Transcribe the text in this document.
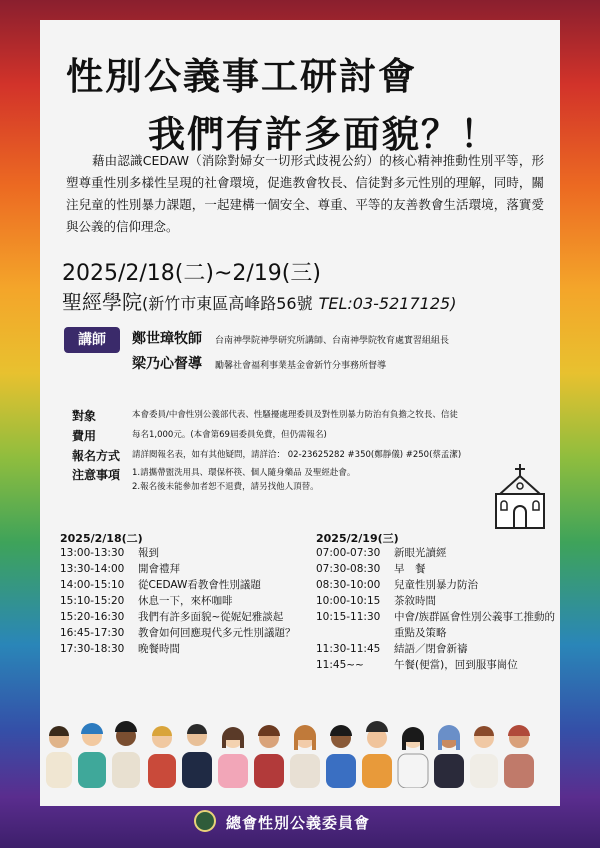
性別公義事工研討會
我們有許多面貌？！
藉由認識CEDAW（消除對婦女一切形式歧視公約）的核心精神推動性別平等，形塑尊重性別多樣性呈現的社會環境，促進教會牧長、信徒對多元性別的理解，同時，關注兒童的性別暴力課題，一起建構一個安全、尊重、平等的友善教會生活環境，落實愛與公義的信仰理念。
2025/2/18(二)~2/19(三)
聖經學院(新竹市東區高峰路56號 TEL:03-5217125)
講師	鄭世璋牧師 台南神學院神學研究所講師、台南神學院牧育處實習組組長
梁乃心督導 勵馨社會福利事業基金會新竹分事務所督導
對象	本會委員/中會性別公義部代表、性騷擾處理委員及對性別暴力防治有負擔之牧長、信徒
費用	每名1,000元。(本會第69屆委員免費，但仍需報名)
報名方式 請詳閱報名表，如有其他疑問，請詳洽： 02-23625282 #350(鄭靜儀) #250(蔡孟潔)
注意事項 1.請攜帶盥洗用具、環保杯筷、個人隨身藥品 及聖經赴會。
2.報名後未能參加者恕不退費，請另找他人頂替。
2025/2/18(二)
13:00-13:30	報到
13:30-14:00	開會禮拜
14:00-15:10	從CEDAW看教會性別議題
15:10-15:20	休息一下，來杯咖啡
15:20-16:30	我們有許多面貌~從妮妃雅談起
16:45-17:30	教會如何回應現代多元性別議題？
17:30-18:30	晚餐時間
2025/2/19(三)
07:00-07:30	新眼光讀經
07:30-08:30	早　餐
08:30-10:00	兒童性別暴力防治
10:00-10:15	茶敘時間
10:15-11:30	中會/族群區會性別公義事工推動的重點及策略
11:30-11:45	結語／閉會新禱
11:45~~	午餐(便當)，回到服事崗位
總會性別公義委員會
